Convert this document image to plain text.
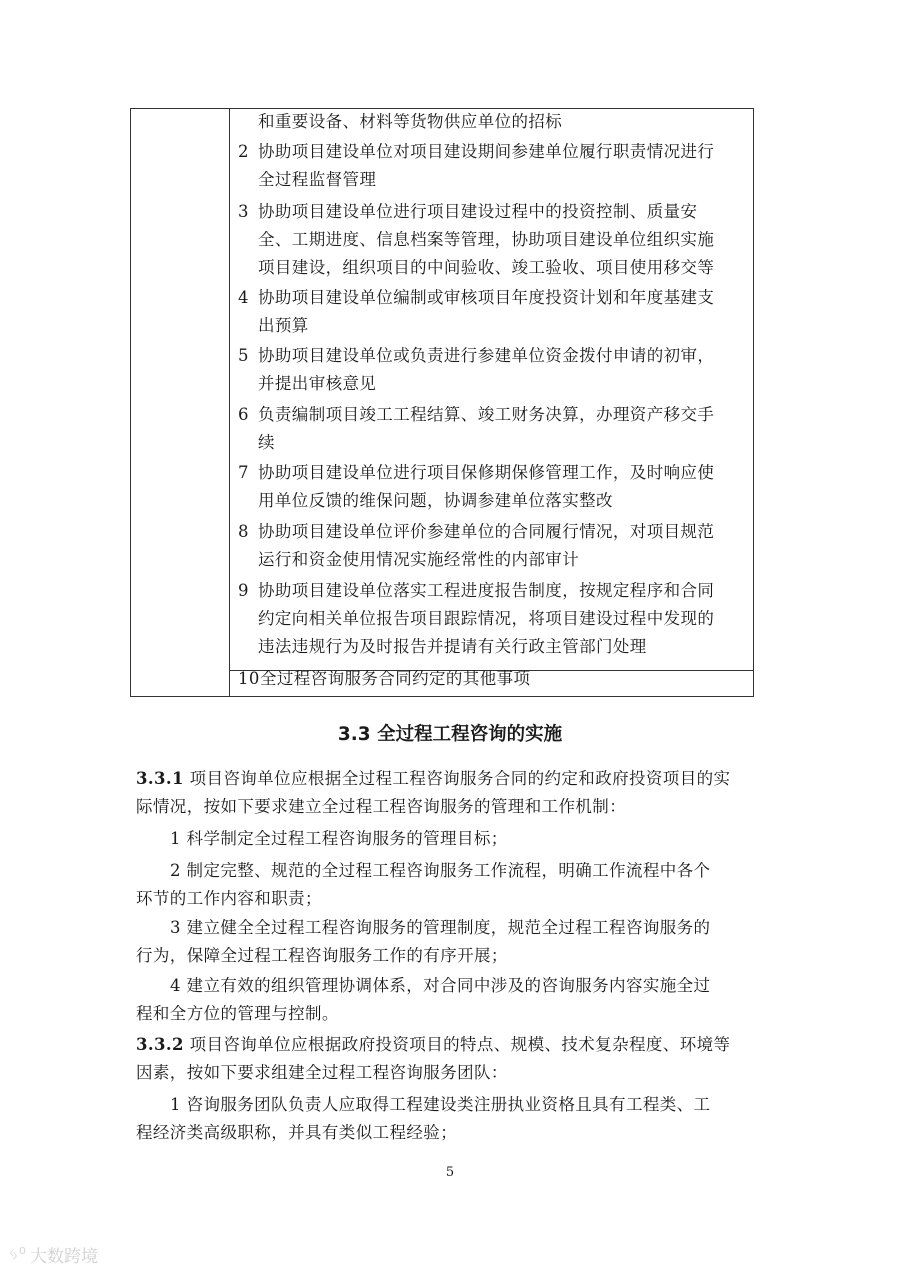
和重要设备、材料等货物供应单位的招标
2 协助项目建设单位对项目建设期间参建单位履行职责情况进行
全过程监督管理
3 协助项目建设单位进行项目建设过程中的投资控制、质量安
全、工期进度、信息档案等管理，协助项目建设单位组织实施
项目建设，组织项目的中间验收、竣工验收、项目使用移交等
4 协助项目建设单位编制或审核项目年度投资计划和年度基建支
出预算
5 协助项目建设单位或负责进行参建单位资金拨付申请的初审，
并提出审核意见
6 负责编制项目竣工工程结算、竣工财务决算，办理资产移交手
续
7 协助项目建设单位进行项目保修期保修管理工作，及时响应使
用单位反馈的维保问题，协调参建单位落实整改
8 协助项目建设单位评价参建单位的合同履行情况，对项目规范
运行和资金使用情况实施经常性的内部审计
9 协助项目建设单位落实工程进度报告制度，按规定程序和合同
约定向相关单位报告项目跟踪情况，将项目建设过程中发现的
违法违规行为及时报告并提请有关行政主管部门处理
10 全过程咨询服务合同约定的其他事项
3.3 全过程工程咨询的实施
3.3.1 项目咨询单位应根据全过程工程咨询服务合同的约定和政府投资项目的实
际情况，按如下要求建立全过程工程咨询服务的管理和工作机制：
1 科学制定全过程工程咨询服务的管理目标；
2 制定完整、规范的全过程工程咨询服务工作流程，明确工作流程中各个
环节的工作内容和职责；
3 建立健全全过程工程咨询服务的管理制度，规范全过程工程咨询服务的
行为，保障全过程工程咨询服务工作的有序开展；
4 建立有效的组织管理协调体系，对合同中涉及的咨询服务内容实施全过
程和全方位的管理与控制。
3.3.2 项目咨询单位应根据政府投资项目的特点、规模、技术复杂程度、环境等
因素，按如下要求组建全过程工程咨询服务团队：
1 咨询服务团队负责人应取得工程建设类注册执业资格且具有工程类、工
程经济类高级职称，并具有类似工程经验；
5
ᛃ⁰ 大数跨境
